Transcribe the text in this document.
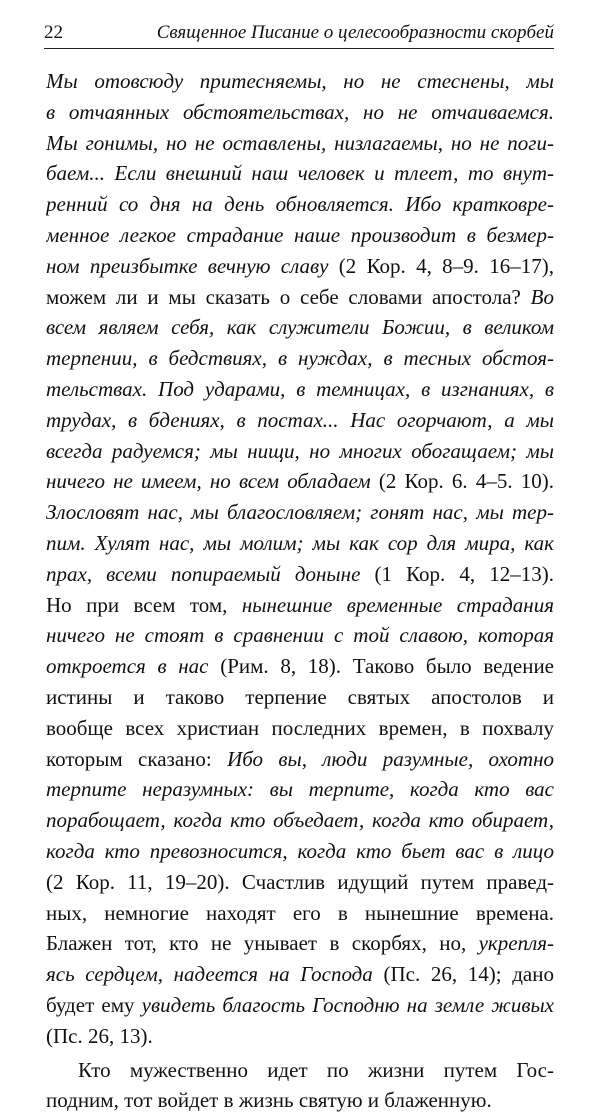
22	Священное Писание о целесообразности скорбей
Мы отовсюду притесняемы, но не стеснены, мы
в отчаянных обстоятельствах, но не отчаиваемся.
Мы гонимы, но не оставлены, низлагаемы, но не поги-
баем... Если внешний наш человек и тлеет, то внут-
ренний со дня на день обновляется. Ибо кратковре-
менное легкое страдание наше производит в безмер-
ном преизбытке вечную славу (2 Кор. 4, 8–9. 16–17),
можем ли и мы сказать о себе словами апостола? Во
всем являем себя, как служители Божии, в великом
терпении, в бедствиях, в нуждах, в тесных обстоя-
тельствах. Под ударами, в темницах, в изгнаниях, в
трудах, в бдениях, в постах... Нас огорчают, а мы
всегда радуемся; мы нищи, но многих обогащаем; мы
ничего не имеем, но всем обладаем (2 Кор. 6. 4–5. 10).
Злословят нас, мы благословляем; гонят нас, мы тер-
пим. Хулят нас, мы молим; мы как сор для мира, как
прах, всеми попираемый доныне (1 Кор. 4, 12–13).
Но при всем том, нынешние временные страдания
ничего не стоят в сравнении с той славою, которая
откроется в нас (Рим. 8, 18). Таково было ведение
истины и таково терпение святых апостолов и
вообще всех христиан последних времен, в похвалу
которым сказано: Ибо вы, люди разумные, охотно
терпите неразумных: вы терпите, когда кто вас
порабощает, когда кто объедает, когда кто обирает,
когда кто превозносится, когда кто бьет вас в лицо
(2 Кор. 11, 19–20). Счастлив идущий путем правед-
ных, немногие находят его в нынешние времена.
Блажен тот, кто не унывает в скорбях, но, укрепля-
ясь сердцем, надеется на Господа (Пс. 26, 14); дано
будет ему увидеть благость Господню на земле живых
(Пс. 26, 13).
Кто мужественно идет по жизни путем Гос-
подним, тот войдет в жизнь святую и блаженную.
